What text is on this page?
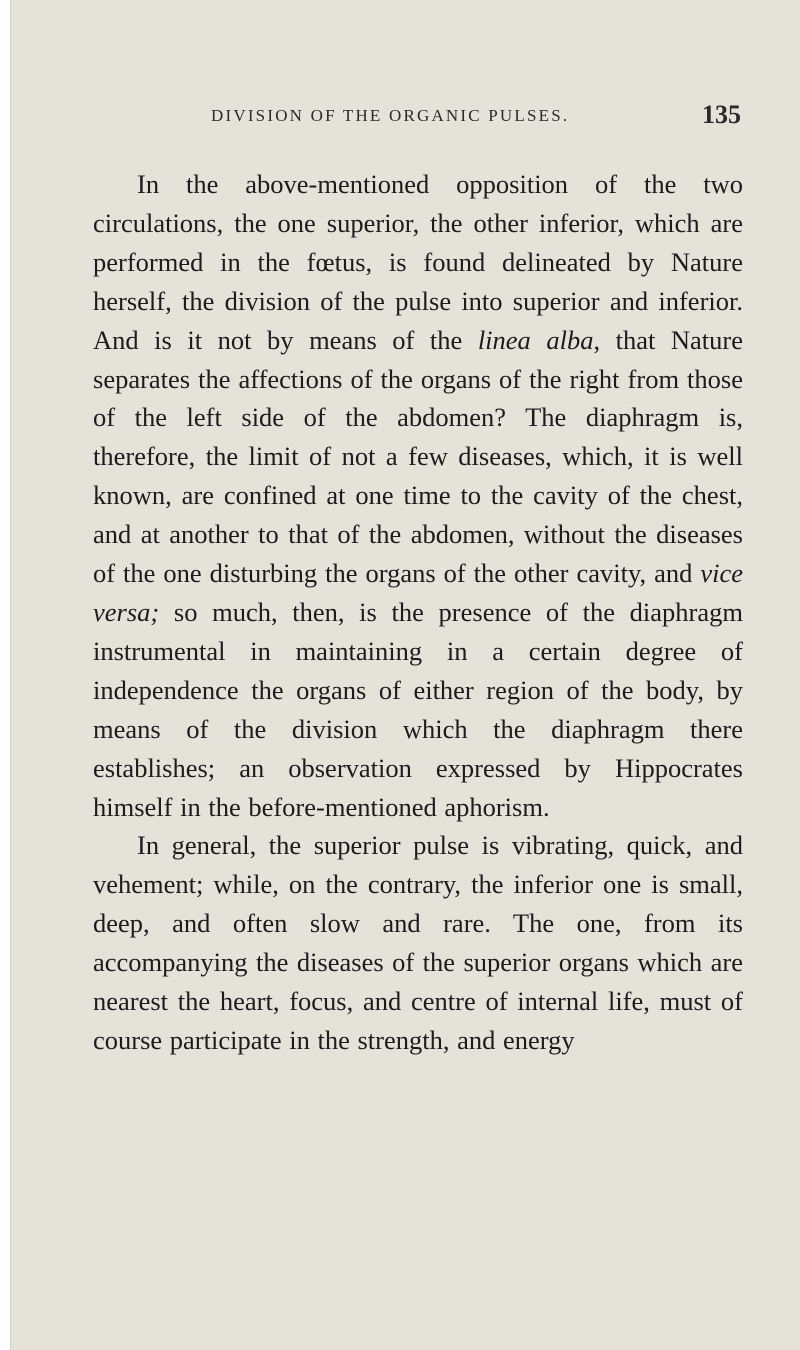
DIVISION OF THE ORGANIC PULSES.	135

In the above-mentioned opposition of the two circulations, the one superior, the other inferior, which are performed in the fœtus, is found delineated by Nature herself, the division of the pulse into superior and inferior. And is it not by means of the linea alba, that Nature separates the affections of the organs of the right from those of the left side of the abdomen? The diaphragm is, therefore, the limit of not a few diseases, which, it is well known, are confined at one time to the cavity of the chest, and at another to that of the abdomen, without the diseases of the one disturbing the organs of the other cavity, and vice versa; so much, then, is the presence of the diaphragm instrumental in maintaining in a certain degree of independence the organs of either region of the body, by means of the division which the diaphragm there establishes; an observation expressed by Hippocrates himself in the before-mentioned aphorism.

In general, the superior pulse is vibrating, quick, and vehement; while, on the contrary, the inferior one is small, deep, and often slow and rare. The one, from its accompanying the diseases of the superior organs which are nearest the heart, focus, and centre of internal life, must of course participate in the strength, and energy
